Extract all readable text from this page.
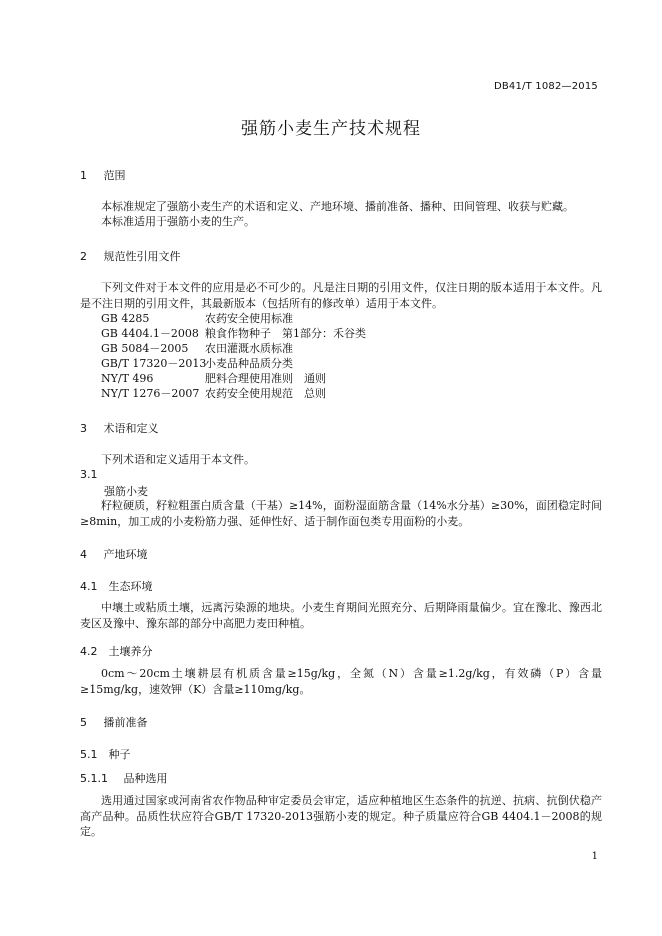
DB41/T 1082—2015
强筋小麦生产技术规程
1 范围
本标准规定了强筋小麦生产的术语和定义、产地环境、播前准备、播种、田间管理、收获与贮藏。
本标准适用于强筋小麦的生产。
2 规范性引用文件
下列文件对于本文件的应用是必不可少的。凡是注日期的引用文件，仅注日期的版本适用于本文件。凡是不注日期的引用文件，其最新版本（包括所有的修改单）适用于本文件。
GB 4285	农药安全使用标准
GB 4404.1－2008 粮食作物种子　第1部分：禾谷类
GB 5084－2005 农田灌溉水质标准
GB/T 17320－2013小麦品种品质分类
NY/T 496	肥料合理使用准则　通则
NY/T 1276－2007 农药安全使用规范　总则
3 术语和定义
下列术语和定义适用于本文件。
3.1
强筋小麦
籽粒硬质，籽粒粗蛋白质含量（干基）≥14%，面粉湿面筋含量（14%水分基）≥30%，面团稳定时间≥8min，加工成的小麦粉筋力强、延伸性好、适于制作面包类专用面粉的小麦。
4 产地环境
4.1 生态环境
中壤土或粘质土壤，远离污染源的地块。小麦生育期间光照充分、后期降雨量偏少。宜在豫北、豫西北麦区及豫中、豫东部的部分中高肥力麦田种植。
4.2 土壤养分
0cm～20cm土壤耕层有机质含量≥15g/kg，全氮（N）含量≥1.2g/kg，有效磷（P）含量≥15mg/kg，速效钾（K）含量≥110mg/kg。
5 播前准备
5.1 种子
5.1.1 品种选用
选用通过国家或河南省农作物品种审定委员会审定，适应种植地区生态条件的抗逆、抗病、抗倒伏稳产高产品种。品质性状应符合GB/T 17320-2013强筋小麦的规定。种子质量应符合GB 4404.1－2008的规定。
1
